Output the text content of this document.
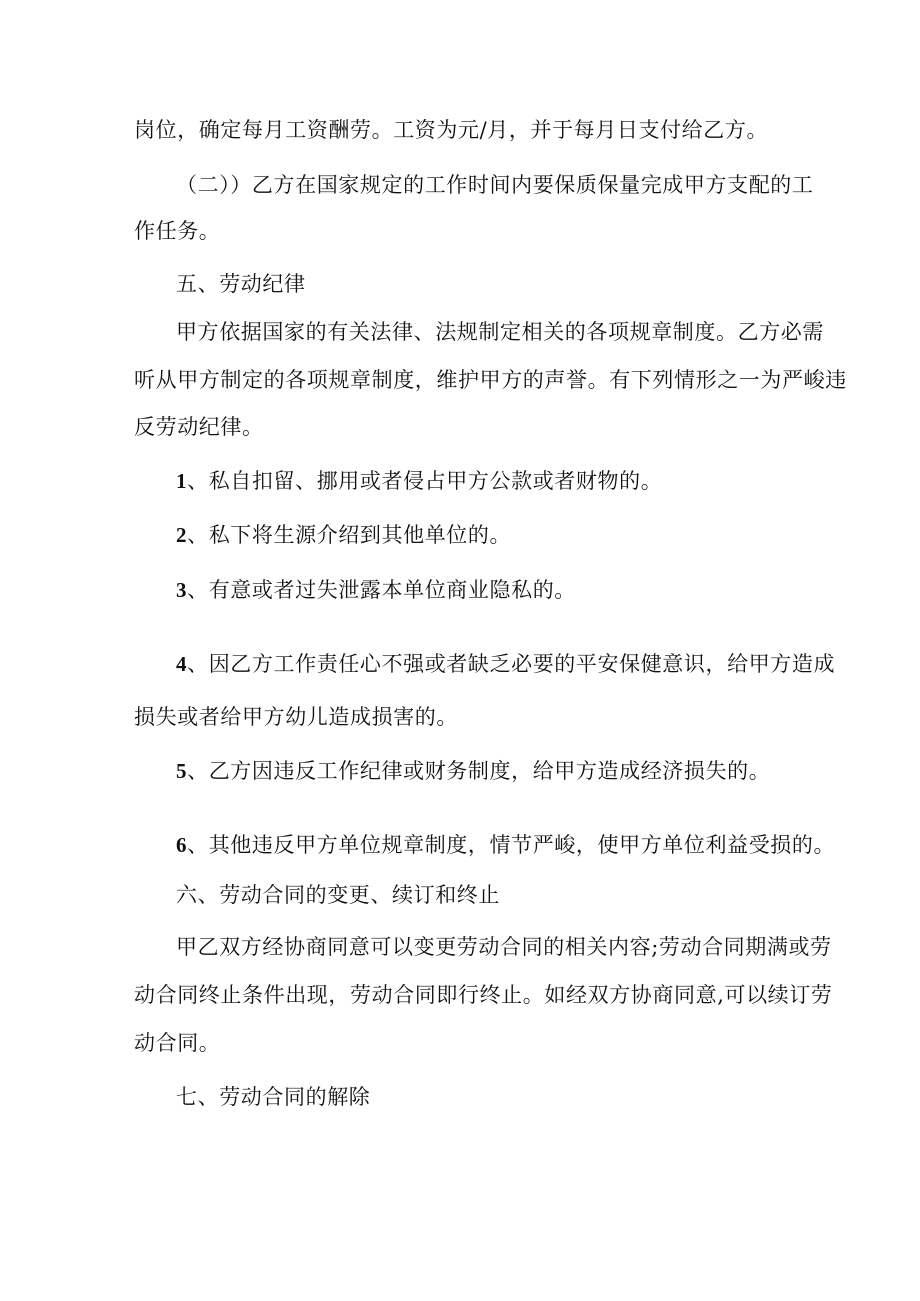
岗位，确定每月工资酬劳。工资为元/月，并于每月日支付给乙方。
（二））乙方在国家规定的工作时间内要保质保量完成甲方支配的工
作任务。
五、劳动纪律
甲方依据国家的有关法律、法规制定相关的各项规章制度。乙方必需
听从甲方制定的各项规章制度，维护甲方的声誉。有下列情形之一为严峻违
反劳动纪律。
1、私自扣留、挪用或者侵占甲方公款或者财物的。
2、私下将生源介绍到其他单位的。
3、有意或者过失泄露本单位商业隐私的。
4、因乙方工作责任心不强或者缺乏必要的平安保健意识，给甲方造成
损失或者给甲方幼儿造成损害的。
5、乙方因违反工作纪律或财务制度，给甲方造成经济损失的。
6、其他违反甲方单位规章制度，情节严峻，使甲方单位利益受损的。
六、劳动合同的变更、续订和终止
甲乙双方经协商同意可以变更劳动合同的相关内容;劳动合同期满或劳
动合同终止条件出现，劳动合同即行终止。如经双方协商同意,可以续订劳
动合同。
七、劳动合同的解除
